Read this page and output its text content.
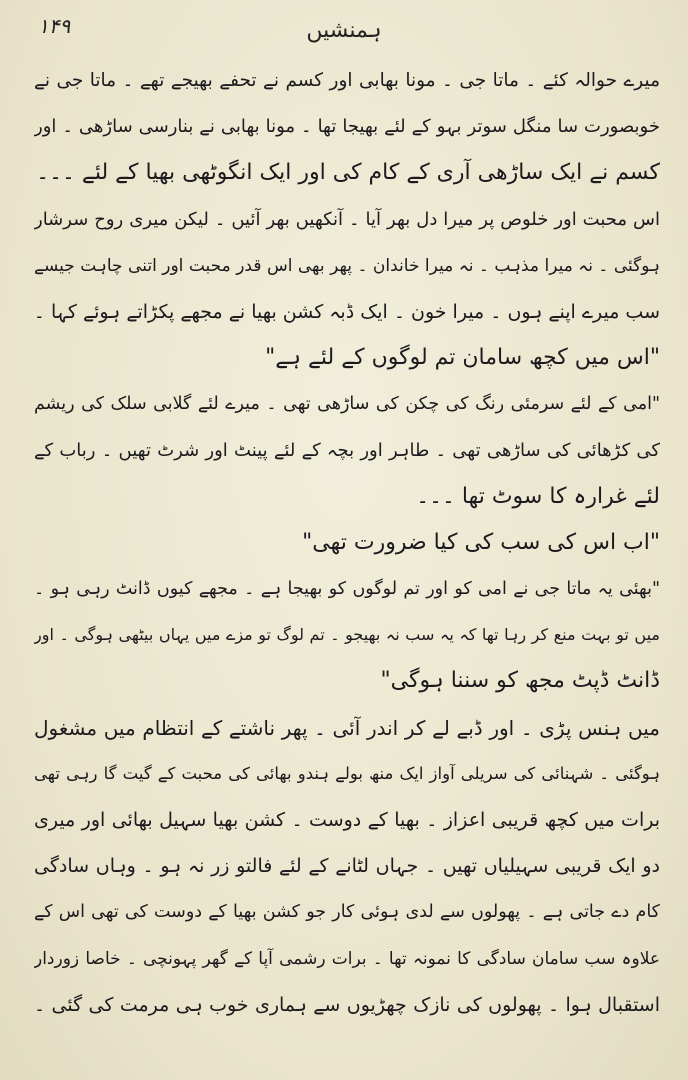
۱۴۹	ہمنشیں
میرے حوالہ کئے ۔ ماتا جی ۔ مونا بھابی اور کسم نے تحفے بھیجے تھے ۔ ماتا جی نے
خوبصورت سا منگل سوتر بہو کے لئے بھیجا تھا ۔ مونا بھابی نے بنارسی ساڑھی ۔ اور
کسم نے ایک ساڑھی آری کے کام کی اور ایک انگوٹھی بھیا کے لئے ۔۔۔
اس محبت اور خلوص پر میرا دل بھر آیا ۔ آنکھیں بھر آئیں ۔ لیکن میری روح سرشار
ہوگئی ۔ نہ میرا مذہب ۔ نہ میرا خاندان ۔ پھر بھی اس قدر محبت اور اتنی چاہت جیسے
سب میرے اپنے ہوں ۔ میرا خون ۔ ایک ڈبہ کشن بھیا نے مجھے پکڑاتے ہوئے کہا ۔
"اس میں کچھ سامان تم لوگوں کے لئے ہے"
"امی کے لئے سرمئی رنگ کی چکن کی ساڑھی تھی ۔ میرے لئے گلابی سلک کی ریشم
کی کڑھائی کی ساڑھی تھی ۔ طاہر اور بچہ کے لئے پینٹ اور شرٹ تھیں ۔ رباب کے
لئے غرارہ کا سوٹ تھا ۔۔۔
"اب اس کی سب کی کیا ضرورت تھی"
"بھئی یہ ماتا جی نے امی کو اور تم لوگوں کو بھیجا ہے ۔ مجھے کیوں ڈانٹ رہی ہو ۔
میں تو بہت منع کر رہا تھا کہ یہ سب نہ بھیجو ۔ تم لوگ تو مزے میں یہاں بیٹھی ہوگی ۔ اور
ڈانٹ ڈپٹ مجھ کو سننا ہوگی"
میں ہنس پڑی ۔ اور ڈبے لے کر اندر آئی ۔ پھر ناشتے کے انتظام میں مشغول
ہوگئی ۔ شہنائی کی سریلی آواز ایک منھ بولے ہندو بھائی کی محبت کے گیت گا رہی تھی
برات میں کچھ قریبی اعزاز ۔ بھیا کے دوست ۔ کشن بھیا سہیل بھائی اور میری
دو ایک قریبی سہیلیاں تھیں ۔ جہاں لٹانے کے لئے فالتو زر نہ ہو ۔ وہاں سادگی
کام دے جاتی ہے ۔ پھولوں سے لدی ہوئی کار جو کشن بھیا کے دوست کی تھی اس کے
علاوہ سب سامان سادگی کا نمونہ تھا ۔ برات رشمی آپا کے گھر پہونچی ۔ خاصا زوردار
استقبال ہوا ۔ پھولوں کی نازک چھڑیوں سے ہماری خوب ہی مرمت کی گئی ۔
